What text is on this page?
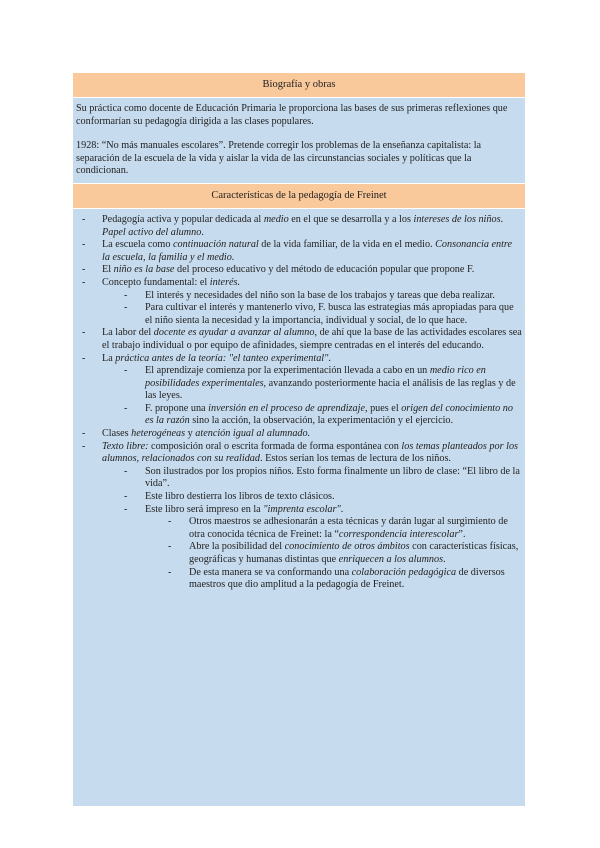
Biografía y obras

Su práctica como docente de Educación Primaria le proporciona las bases de sus primeras reflexiones que conformarían su pedagogía dirigida a las clases populares.

1928: “No más manuales escolares”. Pretende corregir los problemas de la enseñanza capitalista: la separación de la escuela de la vida y aislar la vida de las circunstancias sociales y políticas que la condicionan.

Características de la pedagogía de Freinet

- Pedagogía activa y popular dedicada al medio en el que se desarrolla y a los intereses de los niños. Papel activo del alumno.
- La escuela como continuación natural de la vida familiar, de la vida en el medio. Consonancia entre la escuela, la familia y el medio.
- El niño es la base del proceso educativo y del método de educación popular que propone F.
- Concepto fundamental: el interés.
- El interés y necesidades del niño son la base de los trabajos y tareas que deba realizar.
- Para cultivar el interés y mantenerlo vivo, F. busca las estrategias más apropiadas para que el niño sienta la necesidad y la importancia, individual y social, de lo que hace.
- La labor del docente es ayudar a avanzar al alumno, de ahí que la base de las actividades escolares sea el trabajo individual o por equipo de afinidades, siempre centradas en el interés del educando.
- La práctica antes de la teoría: "el tanteo experimental".
- El aprendizaje comienza por la experimentación llevada a cabo en un medio rico en posibilidades experimentales, avanzando posteriormente hacia el análisis de las reglas y de las leyes.
- F. propone una inversión en el proceso de aprendizaje, pues el origen del conocimiento no es la razón sino la acción, la observación, la experimentación y el ejercicio.
- Clases heterogéneas y atención igual al alumnado.
- Texto libre: composición oral o escrita formada de forma espontánea con los temas planteados por los alumnos, relacionados con su realidad. Estos serían los temas de lectura de los niños.
- Son ilustrados por los propios niños. Esto forma finalmente un libro de clase: “El libro de la vida”.
- Este libro destierra los libros de texto clásicos.
- Este libro será impreso en la "imprenta escolar".
- Otros maestros se adhesionarán a esta técnicas y darán lugar al surgimiento de otra conocida técnica de Freinet: la “correspondencia interescolar”.
- Abre la posibilidad del conocimiento de otros ámbitos con características físicas, geográficas y humanas distintas que enriquecen a los alumnos.
- De esta manera se va conformando una colaboración pedagógica de diversos maestros que dio amplitud a la pedagogía de Freinet.
